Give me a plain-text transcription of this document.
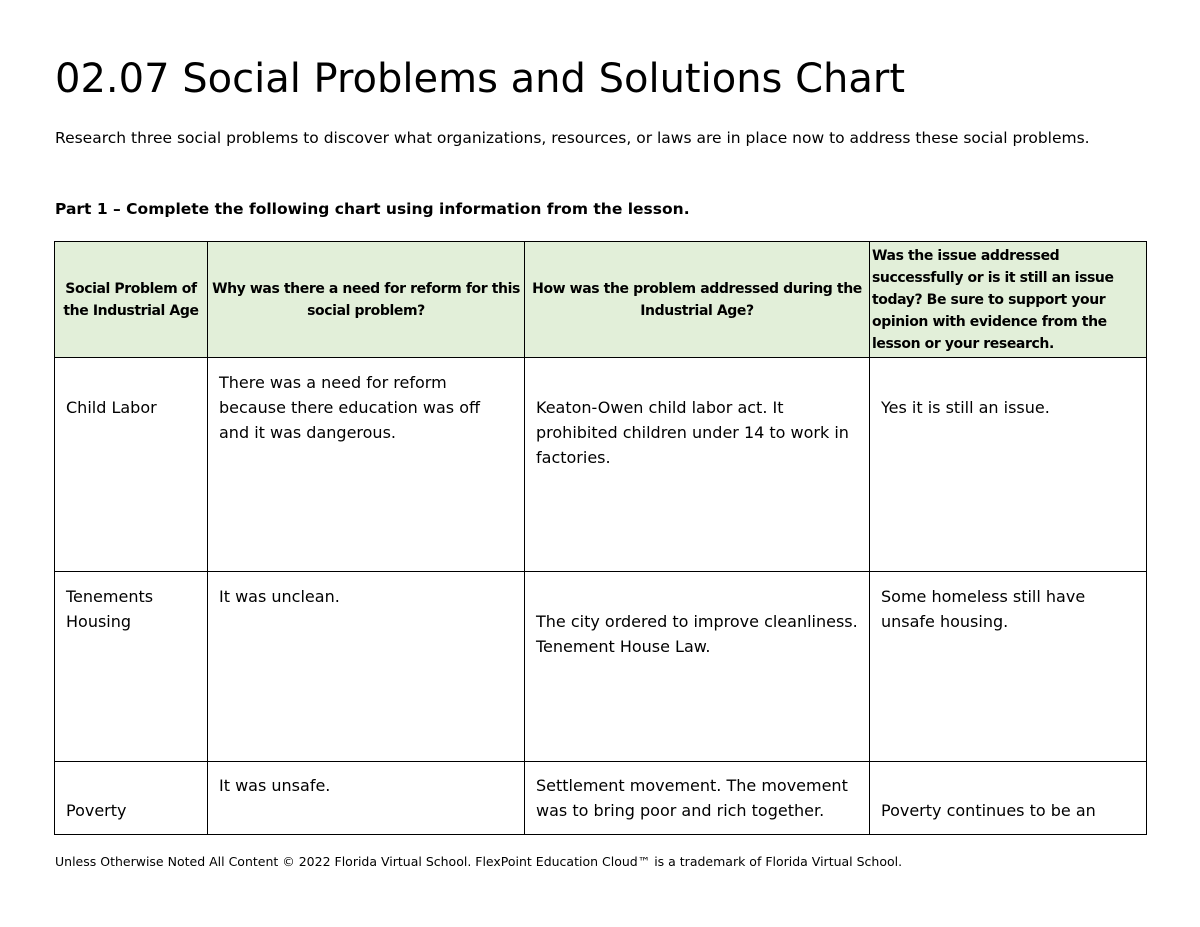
02.07 Social Problems and Solutions Chart

Research three social problems to discover what organizations, resources, or laws are in place now to address these social problems.

Part 1 – Complete the following chart using information from the lesson.

Social Problem of the Industrial Age	Why was there a need for reform for this social problem?	How was the problem addressed during the Industrial Age?	Was the issue addressed successfully or is it still an issue today? Be sure to support your opinion with evidence from the lesson or your research.

Child Labor	There was a need for reform because there education was off and it was dangerous.	Keaton-Owen child labor act. It prohibited children under 14 to work in factories.	Yes it is still an issue.

Tenements Housing	It was unclean.	The city ordered to improve cleanliness. Tenement House Law.	Some homeless still have unsafe housing.

Poverty	It was unsafe.	Settlement movement. The movement was to bring poor and rich together.	Poverty continues to be an

Unless Otherwise Noted All Content © 2022 Florida Virtual School. FlexPoint Education Cloud™ is a trademark of Florida Virtual School.
